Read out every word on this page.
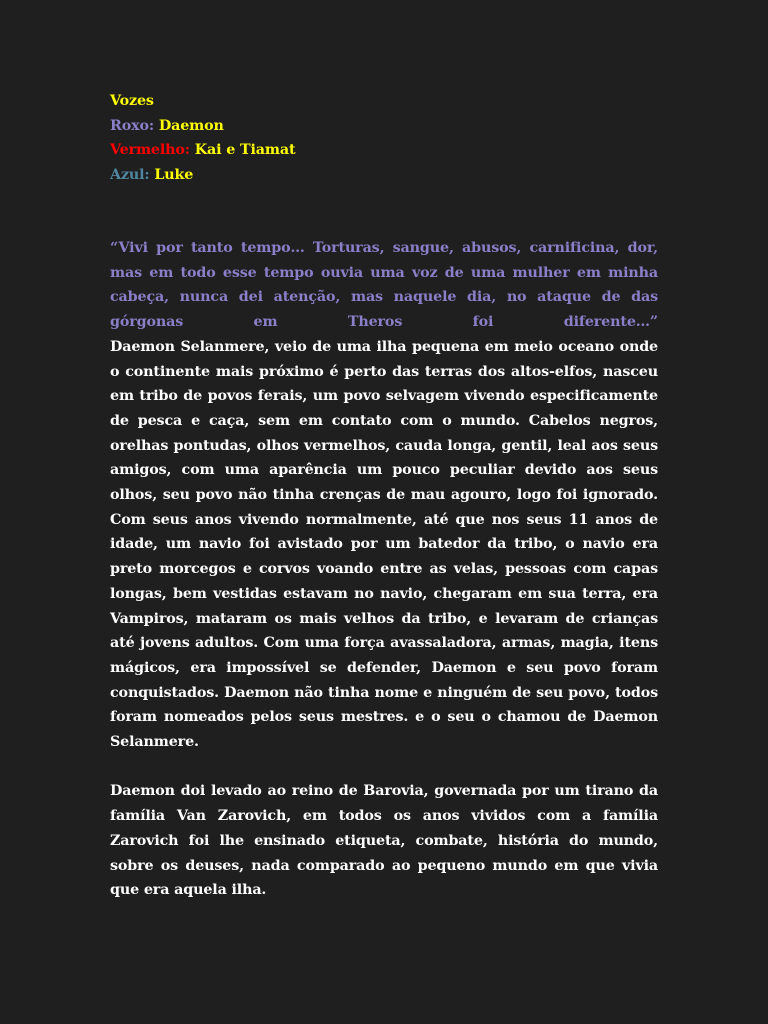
Vozes
Roxo: Daemon
Vermelho: Kai e Tiamat
Azul: Luke
“Vivi por tanto tempo… Torturas, sangue, abusos, carnificina, dor, mas em todo esse tempo ouvia uma voz de uma mulher em minha cabeça, nunca dei atenção, mas naquele dia, no ataque de das górgonas em Theros foi diferente…”

Daemon Selanmere, veio de uma ilha pequena em meio oceano onde o continente mais próximo é perto das terras dos altos-elfos, nasceu em tribo de povos ferais, um povo selvagem vivendo especificamente de pesca e caça, sem em contato com o mundo. Cabelos negros, orelhas pontudas, olhos vermelhos, cauda longa, gentil, leal aos seus amigos, com uma aparência um pouco peculiar devido aos seus olhos, seu povo não tinha crenças de mau agouro, logo foi ignorado. Com seus anos vivendo normalmente, até que nos seus 11 anos de idade, um navio foi avistado por um batedor da tribo, o navio era preto morcegos e corvos voando entre as velas, pessoas com capas longas, bem vestidas estavam no navio, chegaram em sua terra, era Vampiros, mataram os mais velhos da tribo, e levaram de crianças até jovens adultos. Com uma força avassaladora, armas, magia, itens mágicos, era impossível se defender, Daemon e seu povo foram conquistados. Daemon não tinha nome e ninguém de seu povo, todos foram nomeados pelos seus mestres. e o seu o chamou de Daemon Selanmere.

Daemon doi levado ao reino de Barovia, governada por um tirano da família Van Zarovich, em todos os anos vividos com a família Zarovich foi lhe ensinado etiqueta, combate, história do mundo, sobre os deuses, nada comparado ao pequeno mundo em que vivia que era aquela ilha.
